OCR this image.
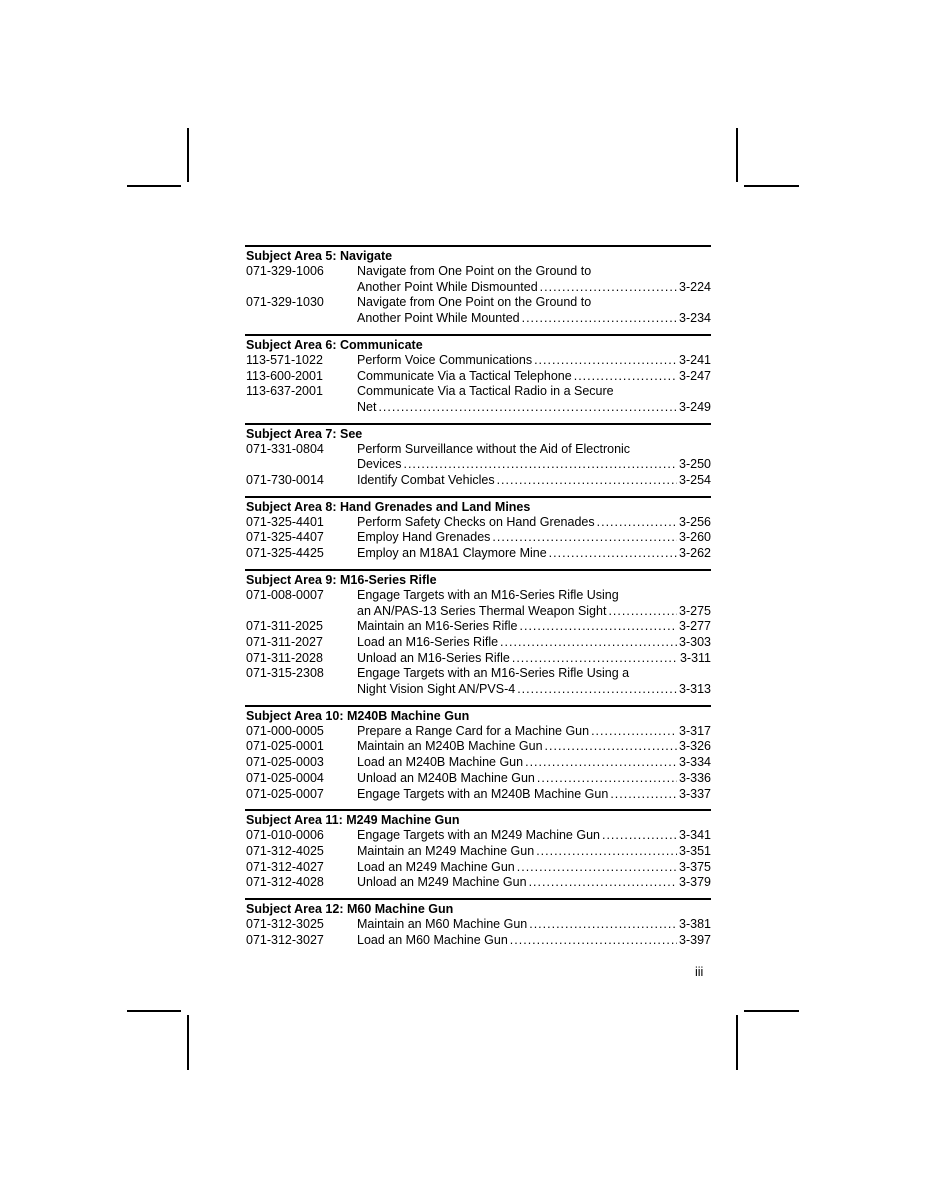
Subject Area 5: Navigate
071-329-1006	Navigate from One Point on the Ground to
Another Point While Dismounted .....	3-224
071-329-1030	Navigate from One Point on the Ground to
Another Point While Mounted .....	3-234
Subject Area 6: Communicate
113-571-1022	Perform Voice Communications .....	3-241
113-600-2001	Communicate Via a Tactical Telephone .....	3-247
113-637-2001	Communicate Via a Tactical Radio in a Secure
Net .....	3-249
Subject Area 7: See
071-331-0804	Perform Surveillance without the Aid of Electronic
Devices .....	3-250
071-730-0014	Identify Combat Vehicles .....	3-254
Subject Area 8: Hand Grenades and Land Mines
071-325-4401	Perform Safety Checks on Hand Grenades .....	3-256
071-325-4407	Employ Hand Grenades .....	3-260
071-325-4425	Employ an M18A1 Claymore Mine .....	3-262
Subject Area 9: M16-Series Rifle
071-008-0007	Engage Targets with an M16-Series Rifle Using
an AN/PAS-13 Series Thermal Weapon Sight .....	3-275
071-311-2025	Maintain an M16-Series Rifle .....	3-277
071-311-2027	Load an M16-Series Rifle .....	3-303
071-311-2028	Unload an M16-Series Rifle .....	3-311
071-315-2308	Engage Targets with an M16-Series Rifle Using a
Night Vision Sight AN/PVS-4 .....	3-313
Subject Area 10: M240B Machine Gun
071-000-0005	Prepare a Range Card for a Machine Gun .....	3-317
071-025-0001	Maintain an M240B Machine Gun .....	3-326
071-025-0003	Load an M240B Machine Gun .....	3-334
071-025-0004	Unload an M240B Machine Gun .....	3-336
071-025-0007	Engage Targets with an M240B Machine Gun .....	3-337
Subject Area 11: M249 Machine Gun
071-010-0006	Engage Targets with an M249 Machine Gun .....	3-341
071-312-4025	Maintain an M249 Machine Gun .....	3-351
071-312-4027	Load an M249 Machine Gun .....	3-375
071-312-4028	Unload an M249 Machine Gun .....	3-379
Subject Area 12: M60 Machine Gun
071-312-3025	Maintain an M60 Machine Gun .....	3-381
071-312-3027	Load an M60 Machine Gun .....	3-397
iii
